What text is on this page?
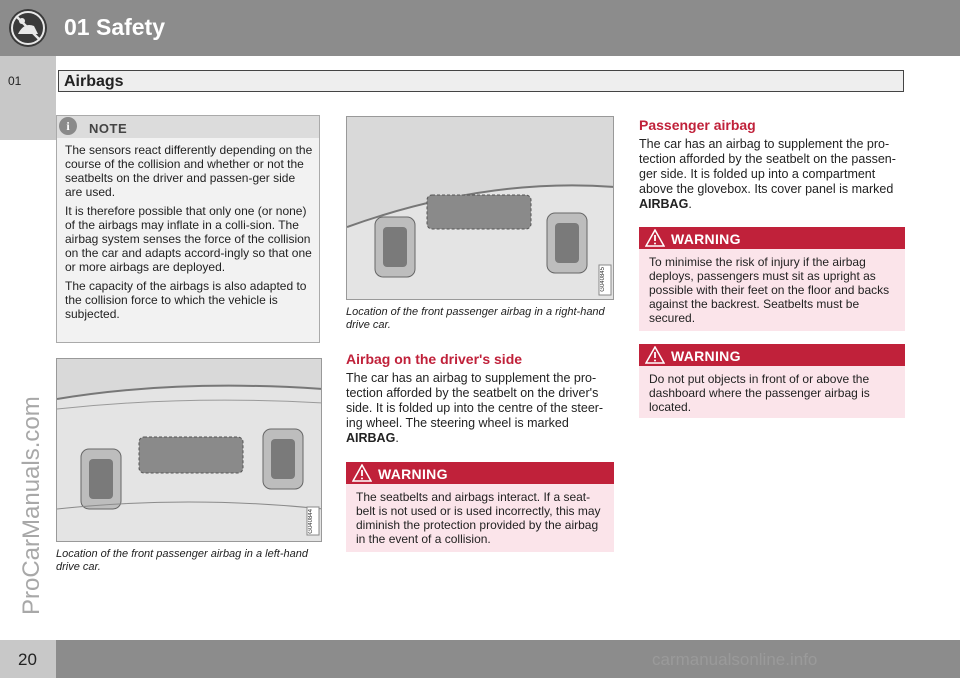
01 Safety
01	Airbags
ProCarManuals.com
i	NOTE

The sensors react differently depending on the course of the collision and whether or not the seatbelts on the driver and passen-ger side are used.

It is therefore possible that only one (or none) of the airbags may inflate in a colli-sion. The airbag system senses the force of the collision on the car and adapts accord-ingly so that one or more airbags are deployed.

The capacity of the airbags is also adapted to the collision force to which the vehicle is subjected.

G040844
Location of the front passenger airbag in a left-hand drive car.
G040845
Location of the front passenger airbag in a right-hand drive car.
Airbag on the driver's side
The car has an airbag to supplement the pro-tection afforded by the seatbelt on the driver's side. It is folded up into the centre of the steer-ing wheel. The steering wheel is marked AIRBAG.
WARNING
The seatbelts and airbags interact. If a seat-belt is not used or is used incorrectly, this may diminish the protection provided by the airbag in the event of a collision.
Passenger airbag
The car has an airbag to supplement the pro-tection afforded by the seatbelt on the passen-ger side. It is folded up into a compartment above the glovebox. Its cover panel is marked AIRBAG.
WARNING
To minimise the risk of injury if the airbag deploys, passengers must sit as upright as possible with their feet on the floor and backs against the backrest. Seatbelts must be secured.
WARNING
Do not put objects in front of or above the dashboard where the passenger airbag is located.
20	carmanualsonline.info
